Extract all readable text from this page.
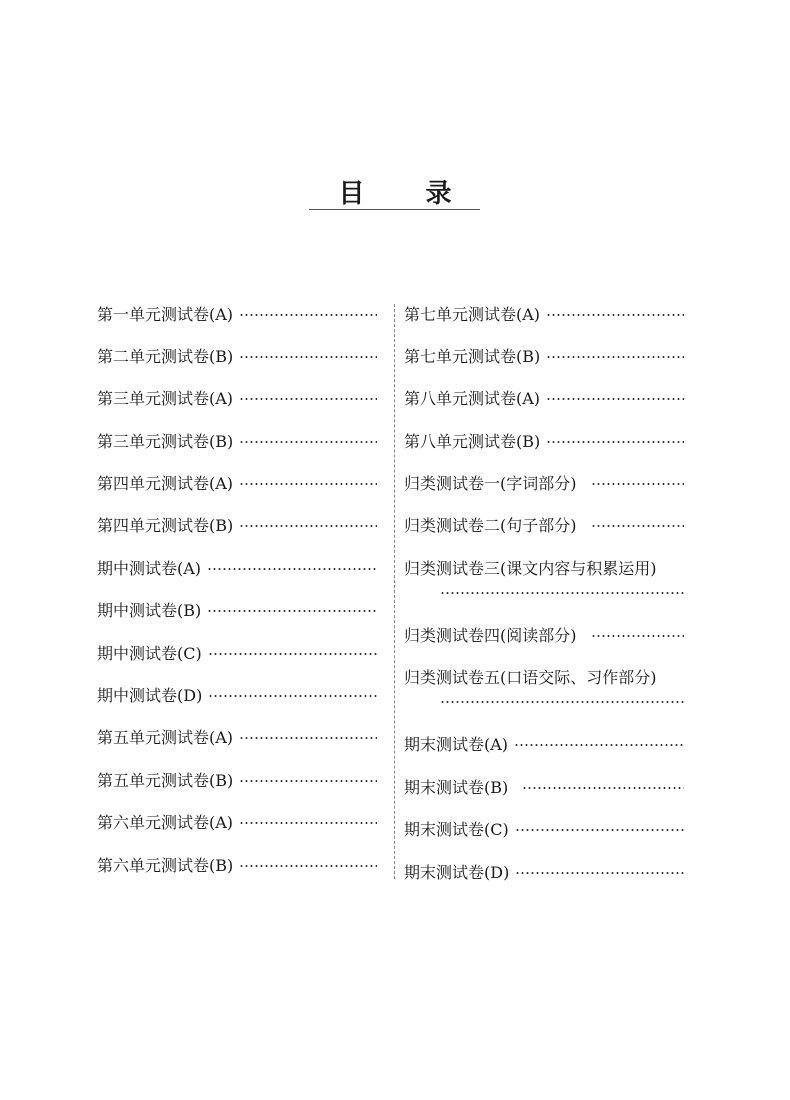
目 录
第一单元测试卷(A)
第二单元测试卷(B)
第三单元测试卷(A)
第三单元测试卷(B)
第四单元测试卷(A)
第四单元测试卷(B)
期中测试卷(A)
期中测试卷(B)
期中测试卷(C)
期中测试卷(D)
第五单元测试卷(A)
第五单元测试卷(B)
第六单元测试卷(A)
第六单元测试卷(B)
第七单元测试卷(A)
第七单元测试卷(B)
第八单元测试卷(A)
第八单元测试卷(B)
归类测试卷一(字词部分)
归类测试卷二(句子部分)
归类测试卷三(课文内容与积累运用)
归类测试卷四(阅读部分)
归类测试卷五(口语交际、习作部分)
期末测试卷(A)
期末测试卷(B)
期末测试卷(C)
期末测试卷(D)
